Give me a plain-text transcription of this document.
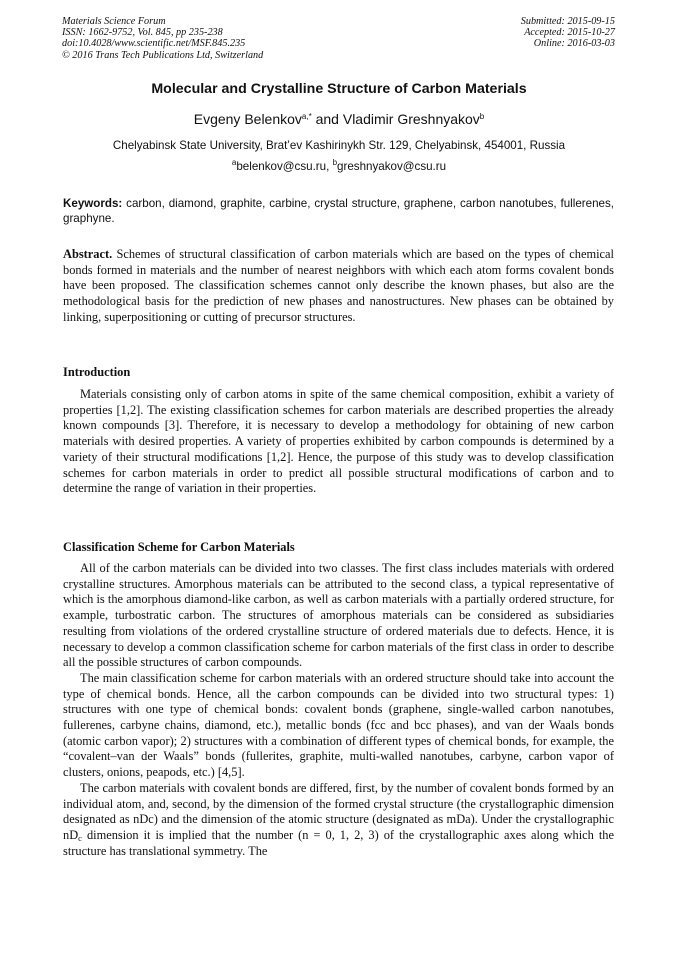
Materials Science Forum
ISSN: 1662-9752, Vol. 845, pp 235-238
doi:10.4028/www.scientific.net/MSF.845.235
© 2016 Trans Tech Publications Ltd, Switzerland
Submitted: 2015-09-15
Accepted: 2015-10-27
Online: 2016-03-03
Molecular and Crystalline Structure of Carbon Materials
Evgeny Belenkov$^{a,*}$ and Vladimir Greshnyakov$^b$
Chelyabinsk State University, Brat’ev Kashirinykh Str. 129, Chelyabinsk, 454001, Russia
$^a$belenkov@csu.ru, $^b$greshnyakov@csu.ru
Keywords: carbon, diamond, graphite, carbine, crystal structure, graphene, carbon nanotubes, fullerenes, graphyne.
Abstract. Schemes of structural classification of carbon materials which are based on the types of chemical bonds formed in materials and the number of nearest neighbors with which each atom forms covalent bonds have been proposed. The classification schemes cannot only describe the known phases, but also are the methodological basis for the prediction of new phases and nanostructures. New phases can be obtained by linking, superpositioning or cutting of precursor structures.
Introduction

Materials consisting only of carbon atoms in spite of the same chemical composition, exhibit a variety of properties [1,2]. The existing classification schemes for carbon materials are described properties the already known compounds [3]. Therefore, it is necessary to develop a methodology for obtaining of new carbon materials with desired properties. A variety of properties exhibited by carbon compounds is determined by a variety of their structural modifications [1,2]. Hence, the purpose of this study was to develop classification schemes for carbon materials in order to predict all possible structural modifications of carbon and to determine the range of variation in their properties.

Classification Scheme for Carbon Materials

All of the carbon materials can be divided into two classes. The first class includes materials with ordered crystalline structures. Amorphous materials can be attributed to the second class, a typical representative of which is the amorphous diamond-like carbon, as well as carbon materials with a partially ordered structure, for example, turbostratic carbon. The structures of amorphous materials can be considered as subsidiaries resulting from violations of the ordered crystalline structure of ordered materials due to defects. Hence, it is necessary to develop a common classification scheme for carbon materials of the first class in order to describe all the possible structures of carbon compounds.

The main classification scheme for carbon materials with an ordered structure should take into account the type of chemical bonds. Hence, all the carbon compounds can be divided into two structural types: 1) structures with one type of chemical bonds: covalent bonds (graphene, single-walled carbon nanotubes, fullerenes, carbyne chains, diamond, etc.), metallic bonds (fcc and bcc phases), and van der Waals bonds (atomic carbon vapor); 2) structures with a combination of different types of chemical bonds, for example, the “covalent–van der Waals” bonds (fullerites, graphite, multi-walled nanotubes, carbyne, carbon vapor of clusters, onions, peapods, etc.) [4,5].

The carbon materials with covalent bonds are differed, first, by the number of covalent bonds formed by an individual atom, and, second, by the dimension of the formed crystal structure (the crystallographic dimension designated as nDc) and the dimension of the atomic structure (designated as mDa). Under the crystallographic $nD_c$ dimension it is implied that the number (n = 0, 1, 2, 3) of the crystallographic axes along which the structure has translational symmetry. The
